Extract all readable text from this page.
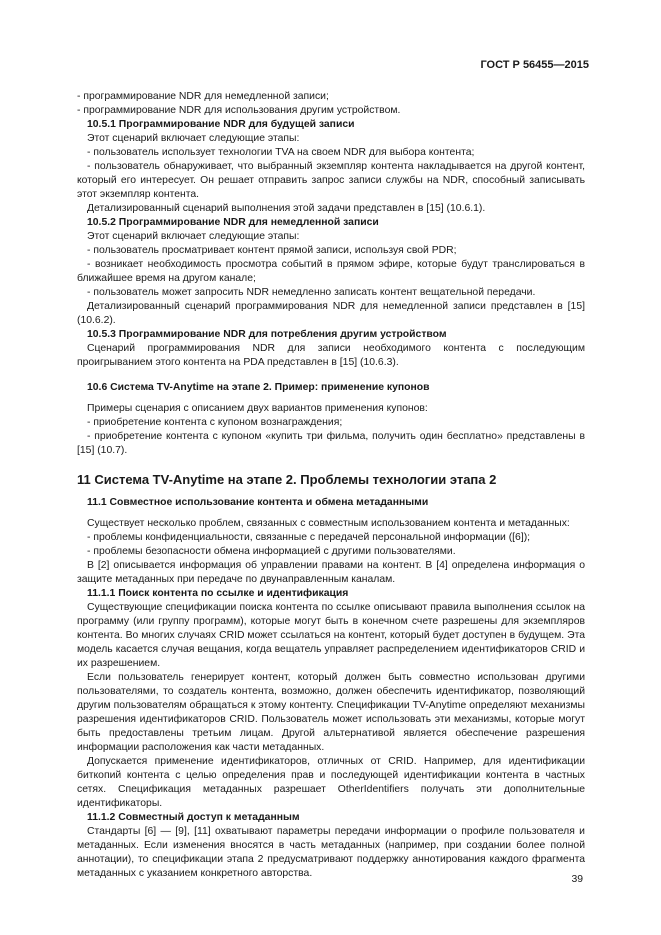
ГОСТ Р 56455—2015

- программирование NDR для немедленной записи;

- программирование NDR для использования другим устройством.

10.5.1 Программирование NDR для будущей записи

Этот сценарий включает следующие этапы:

- пользователь использует технологии TVA на своем NDR для выбора контента;

- пользователь обнаруживает, что выбранный экземпляр контента накладывается на другой контент, который его интересует. Он решает отправить запрос записи службы на NDR, способный записывать этот экземпляр контента.

Детализированный сценарий выполнения этой задачи представлен в [15] (10.6.1).

10.5.2 Программирование NDR для немедленной записи

Этот сценарий включает следующие этапы:

- пользователь просматривает контент прямой записи, используя свой PDR;

- возникает необходимость просмотра событий в прямом эфире, которые будут транслироваться в ближайшее время на другом канале;

- пользователь может запросить NDR немедленно записать контент вещательной передачи.

Детализированный сценарий программирования NDR для немедленной записи представлен в [15] (10.6.2).

10.5.3 Программирование NDR для потребления другим устройством

Сценарий программирования NDR для записи необходимого контента с последующим проигрыванием этого контента на PDA представлен в [15] (10.6.3).

10.6 Система TV-Anytime на этапе 2. Пример: применение купонов

Примеры сценария с описанием двух вариантов применения купонов:

- приобретение контента с купоном вознаграждения;

- приобретение контента с купоном «купить три фильма, получить один бесплатно» представлены в [15] (10.7).

11 Система TV-Anytime на этапе 2. Проблемы технологии этапа 2
11.1 Совместное использование контента и обмена метаданными

Существует несколько проблем, связанных с совместным использованием контента и метаданных:

- проблемы конфиденциальности, связанные с передачей персональной информации ([6]);

- проблемы безопасности обмена информацией с другими пользователями.

В [2] описывается информация об управлении правами на контент. В [4] определена информация о защите метаданных при передаче по двунаправленным каналам.

11.1.1 Поиск контента по ссылке и идентификация

Существующие спецификации поиска контента по ссылке описывают правила выполнения ссылок на программу (или группу программ), которые могут быть в конечном счете разрешены для экземпляров контента. Во многих случаях CRID может ссылаться на контент, который будет доступен в будущем. Эта модель касается случая вещания, когда вещатель управляет распределением идентификаторов CRID и их разрешением.

Если пользователь генерирует контент, который должен быть совместно использован другими пользователями, то создатель контента, возможно, должен обеспечить идентификатор, позволяющий другим пользователям обращаться к этому контенту. Спецификации TV-Anytime определяют механизмы разрешения идентификаторов CRID. Пользователь может использовать эти механизмы, которые могут быть предоставлены третьим лицам. Другой альтернативой является обеспечение разрешения информации расположения как части метаданных.

Допускается применение идентификаторов, отличных от CRID. Например, для идентификации биткопий контента с целью определения прав и последующей идентификации контента в частных сетях. Спецификация метаданных разрешает OtherIdentifiers получать эти дополнительные идентификаторы.

11.1.2 Совместный доступ к метаданным

Стандарты [6] — [9], [11] охватывают параметры передачи информации о профиле пользователя и метаданных. Если изменения вносятся в часть метаданных (например, при создании более полной аннотации), то спецификации этапа 2 предусматривают поддержку аннотирования каждого фрагмента метаданных с указанием конкретного авторства.

39
